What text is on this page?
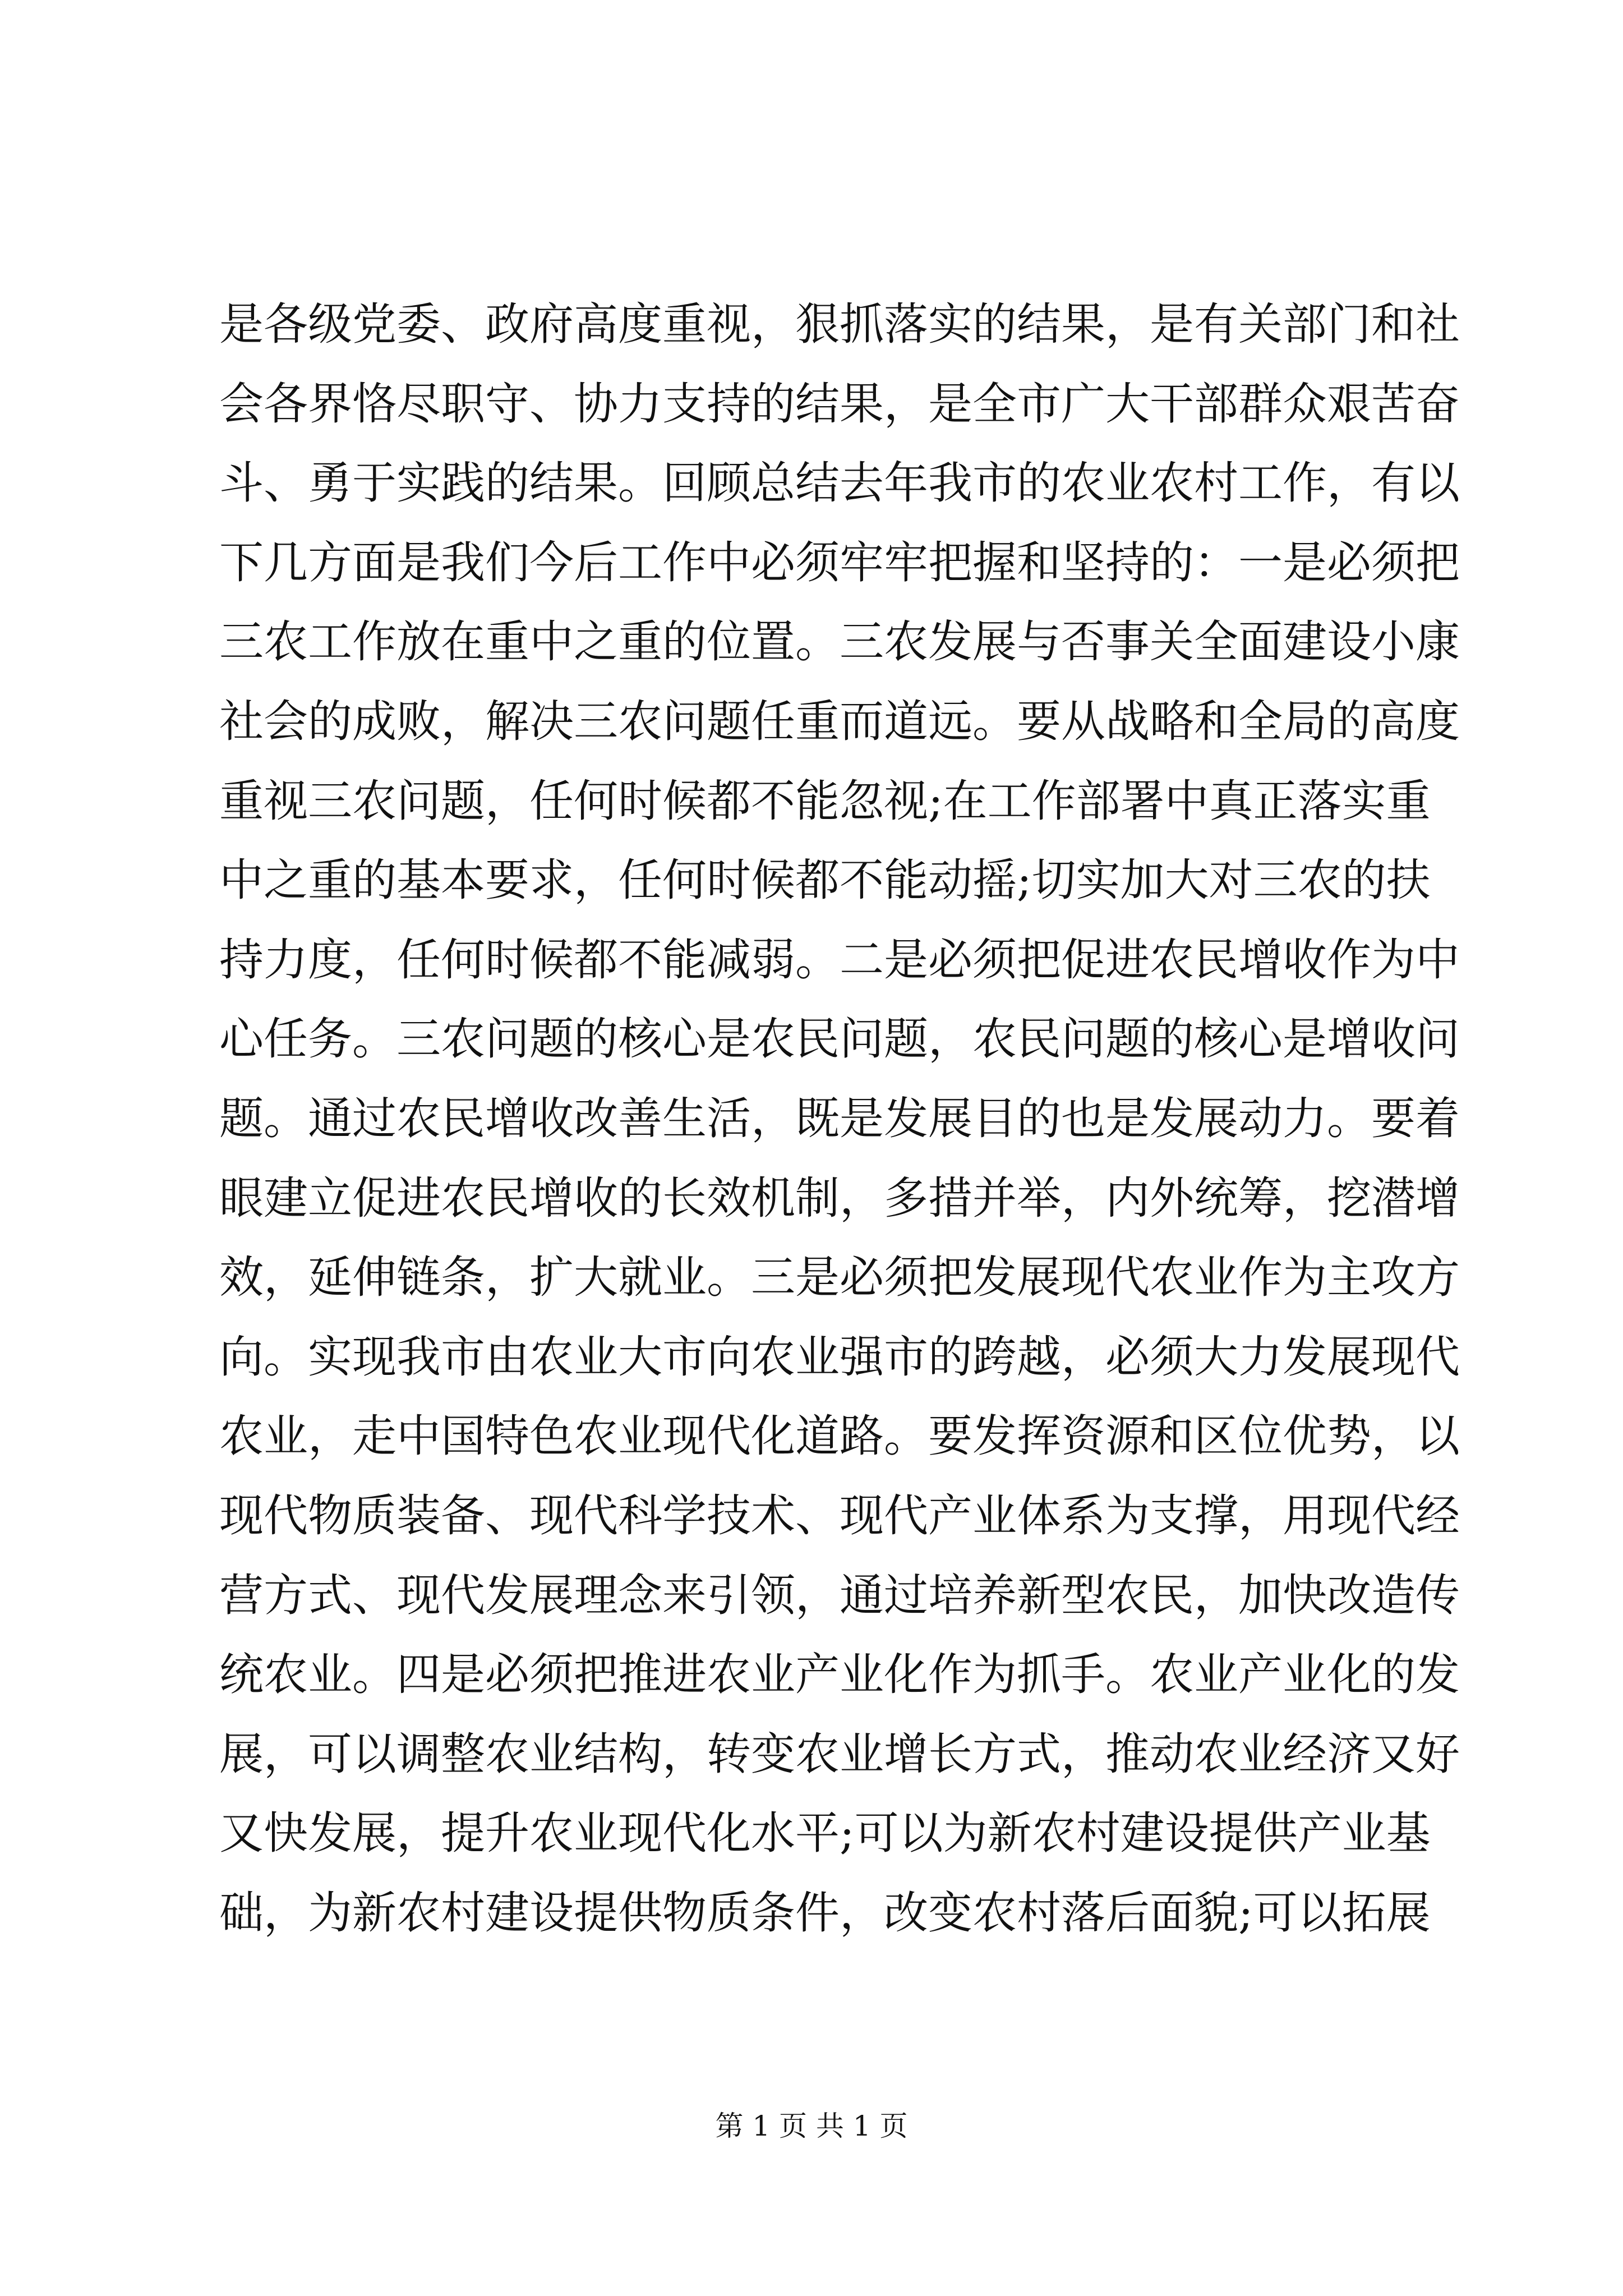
是各级党委、政府高度重视，狠抓落实的结果，是有关部门和社
会各界恪尽职守、协力支持的结果，是全市广大干部群众艰苦奋
斗、勇于实践的结果。回顾总结去年我市的农业农村工作，有以
下几方面是我们今后工作中必须牢牢把握和坚持的：一是必须把
三农工作放在重中之重的位置。三农发展与否事关全面建设小康
社会的成败，解决三农问题任重而道远。要从战略和全局的高度
重视三农问题，任何时候都不能忽视;在工作部署中真正落实重
中之重的基本要求，任何时候都不能动摇;切实加大对三农的扶
持力度，任何时候都不能减弱。二是必须把促进农民增收作为中
心任务。三农问题的核心是农民问题，农民问题的核心是增收问
题。通过农民增收改善生活，既是发展目的也是发展动力。要着
眼建立促进农民增收的长效机制，多措并举，内外统筹，挖潜增
效，延伸链条，扩大就业。三是必须把发展现代农业作为主攻方
向。实现我市由农业大市向农业强市的跨越，必须大力发展现代
农业，走中国特色农业现代化道路。要发挥资源和区位优势，以
现代物质装备、现代科学技术、现代产业体系为支撑，用现代经
营方式、现代发展理念来引领，通过培养新型农民，加快改造传
统农业。四是必须把推进农业产业化作为抓手。农业产业化的发
展，可以调整农业结构，转变农业增长方式，推动农业经济又好
又快发展，提升农业现代化水平;可以为新农村建设提供产业基
础，为新农村建设提供物质条件，改变农村落后面貌;可以拓展
第 1 页 共 1 页
